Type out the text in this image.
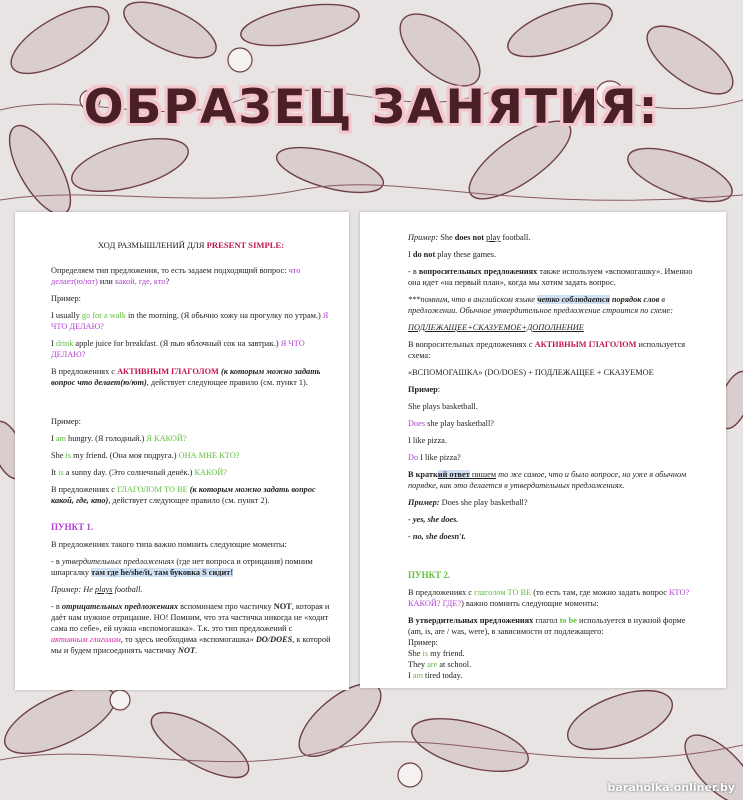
ОБРАЗЕЦ ЗАНЯТИЯ:

ХОД РАЗМЫШЛЕНИЙ ДЛЯ PRESENT SIMPLE:

Определяем тип предложения, то есть задаем подходящий вопрос: что делает(ю/ют) или какой, где, кто?

Пример:

I usually go for a walk in the morning. (Я обычно хожу на прогулку по утрам.) Я ЧТО ДЕЛАЮ?

I drink apple juice for breakfast. (Я пью яблочный сок на завтрак.) Я ЧТО ДЕЛАЮ?

В предложениях с АКТИВНЫМ ГЛАГОЛОМ (к которым можно задать вопрос что делает(ю/ют), действует следующее правило (см. пункт 1).

Пример:

I am hungry. (Я голодный.) Я КАКОЙ?

She is my friend. (Она моя подруга.) ОНА МНЕ КТО?

It is a sunny day. (Это солнечный денёк.) КАКОЙ?

В предложениях с ГЛАГОЛОМ TO BE (к которым можно задать вопрос какой, где, кто), действует следующее правило (см. пункт 2).

ПУНКТ 1.

В предложениях такого типа важно помнить следующие моменты:

- в утвердительных предложениях (где нет вопроса и отрицания) помним шпаргалку там где he/she/it, там буковка S сидит!

Пример: He plays football.

- в отрицательных предложениях вспоминаем про частичку NOT, которая и даёт нам нужное отрицание. НО! Помним, что эта частичка никогда не «ходит сама по себе», ей нужна «вспомогашка». Т.к. это тип предложений с активным глаголом, то здесь необходима «вспомогашка» DO/DOES, к которой мы и будем присоединять частичку NOT.

Пример: She does not play football.

I do not play these games.

- в вопросительных предложениях также используем «вспомогашку». Именно она идет «на первый план», когда мы хотим задать вопрос.

***помним, что в английском языке четко соблюдается порядок слов в предложении. Обычное утвердительное предложение строится по схеме:

ПОДЛЕЖАЩЕЕ+СКАЗУЕМОЕ+ДОПОЛНЕНИЕ

В вопросительных предложениях с АКТИВНЫМ ГЛАГОЛОМ используется схема:

«ВСПОМОГАШКА» (DO/DOES) + ПОДЛЕЖАЩЕЕ + СКАЗУЕМОЕ

Пример:

She plays basketball.

Does she play basketball?

I like pizza.

Do I like pizza?

В краткий ответ пишем то же самое, что и было вопросе, но уже в обычном порядке, как это делается в утвердительных предложениях.

Пример: Does she play basketball?

- yes, she does.

- no, she doesn't.

ПУНКТ 2.

В предложениях с глаголом TO BE (то есть там, где можно задать вопрос КТО? КАКОЙ? ГДЕ?) важно помнить следующие моменты:

В утвердительных предложениях глагол to be используется в нужной форме (am, is, are / was, were), в зависимости от подлежащего:

Пример:

She is my friend.

They are at school.

I am tired today.

baraholka.onliner.by
